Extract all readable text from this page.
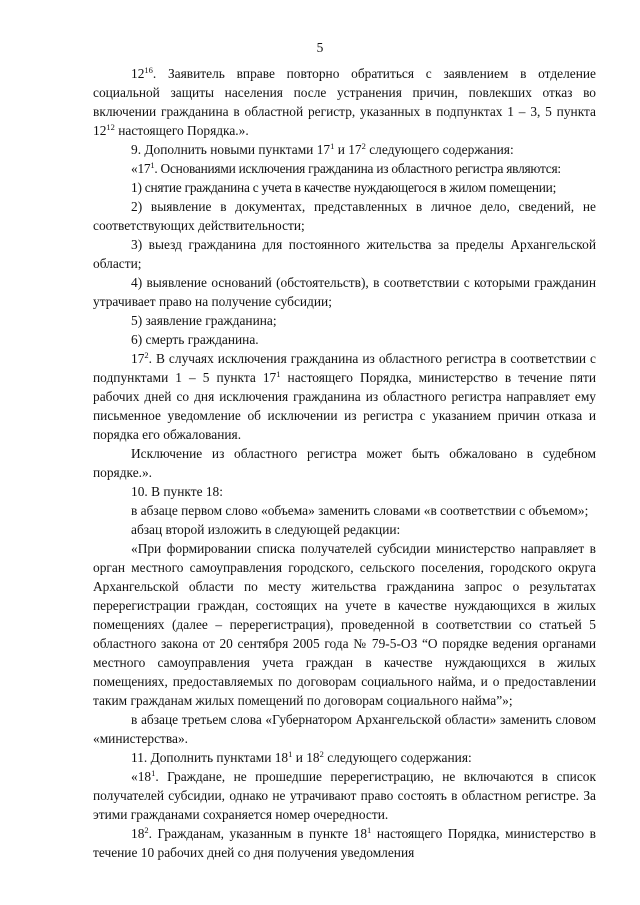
5

$12^{16}$. Заявитель вправе повторно обратиться с заявлением в отделение социальной защиты населения после устранения причин, повлекших отказ во включении гражданина в областной регистр, указанных в подпунктах 1 – 3, 5 пункта $12^{12}$ настоящего Порядка.».

9. Дополнить новыми пунктами $17^1$ и $17^2$ следующего содержания:

«$17^1$. Основаниями исключения гражданина из областного регистра являются:

1) снятие гражданина с учета в качестве нуждающегося в жилом помещении;

2) выявление в документах, представленных в личное дело, сведений, не соответствующих действительности;

3) выезд гражданина для постоянного жительства за пределы Архангельской области;

4) выявление оснований (обстоятельств), в соответствии с которыми гражданин утрачивает право на получение субсидии;

5) заявление гражданина;

6) смерть гражданина.

$17^2$. В случаях исключения гражданина из областного регистра в соответствии с подпунктами 1 – 5 пункта $17^1$ настоящего Порядка, министерство в течение пяти рабочих дней со дня исключения гражданина из областного регистра направляет ему письменное уведомление об исключении из регистра с указанием причин отказа и порядка его обжалования.

Исключение из областного регистра может быть обжаловано в судебном порядке.».

10. В пункте 18:

в абзаце первом слово «объема» заменить словами «в соответствии с объемом»;

абзац второй изложить в следующей редакции:

«При формировании списка получателей субсидии министерство направляет в орган местного самоуправления городского, сельского поселения, городского округа Архангельской области по месту жительства гражданина запрос о результатах перерегистрации граждан, состоящих на учете в качестве нуждающихся в жилых помещениях (далее – перерегистрация), проведенной в соответствии со статьей 5 областного закона от 20 сентября 2005 года № 79-5-ОЗ “О порядке ведения органами местного самоуправления учета граждан в качестве нуждающихся в жилых помещениях, предоставляемых по договорам социального найма, и о предоставлении таким гражданам жилых помещений по договорам социального найма”»;

в абзаце третьем слова «Губернатором Архангельской области» заменить словом «министерства».

11. Дополнить пунктами $18^1$ и $18^2$ следующего содержания:

«$18^1$. Граждане, не прошедшие перерегистрацию, не включаются в список получателей субсидии, однако не утрачивают право состоять в областном регистре. За этими гражданами сохраняется номер очередности.

$18^2$. Гражданам, указанным в пункте $18^1$ настоящего Порядка, министерство в течение 10 рабочих дней со дня получения уведомления
